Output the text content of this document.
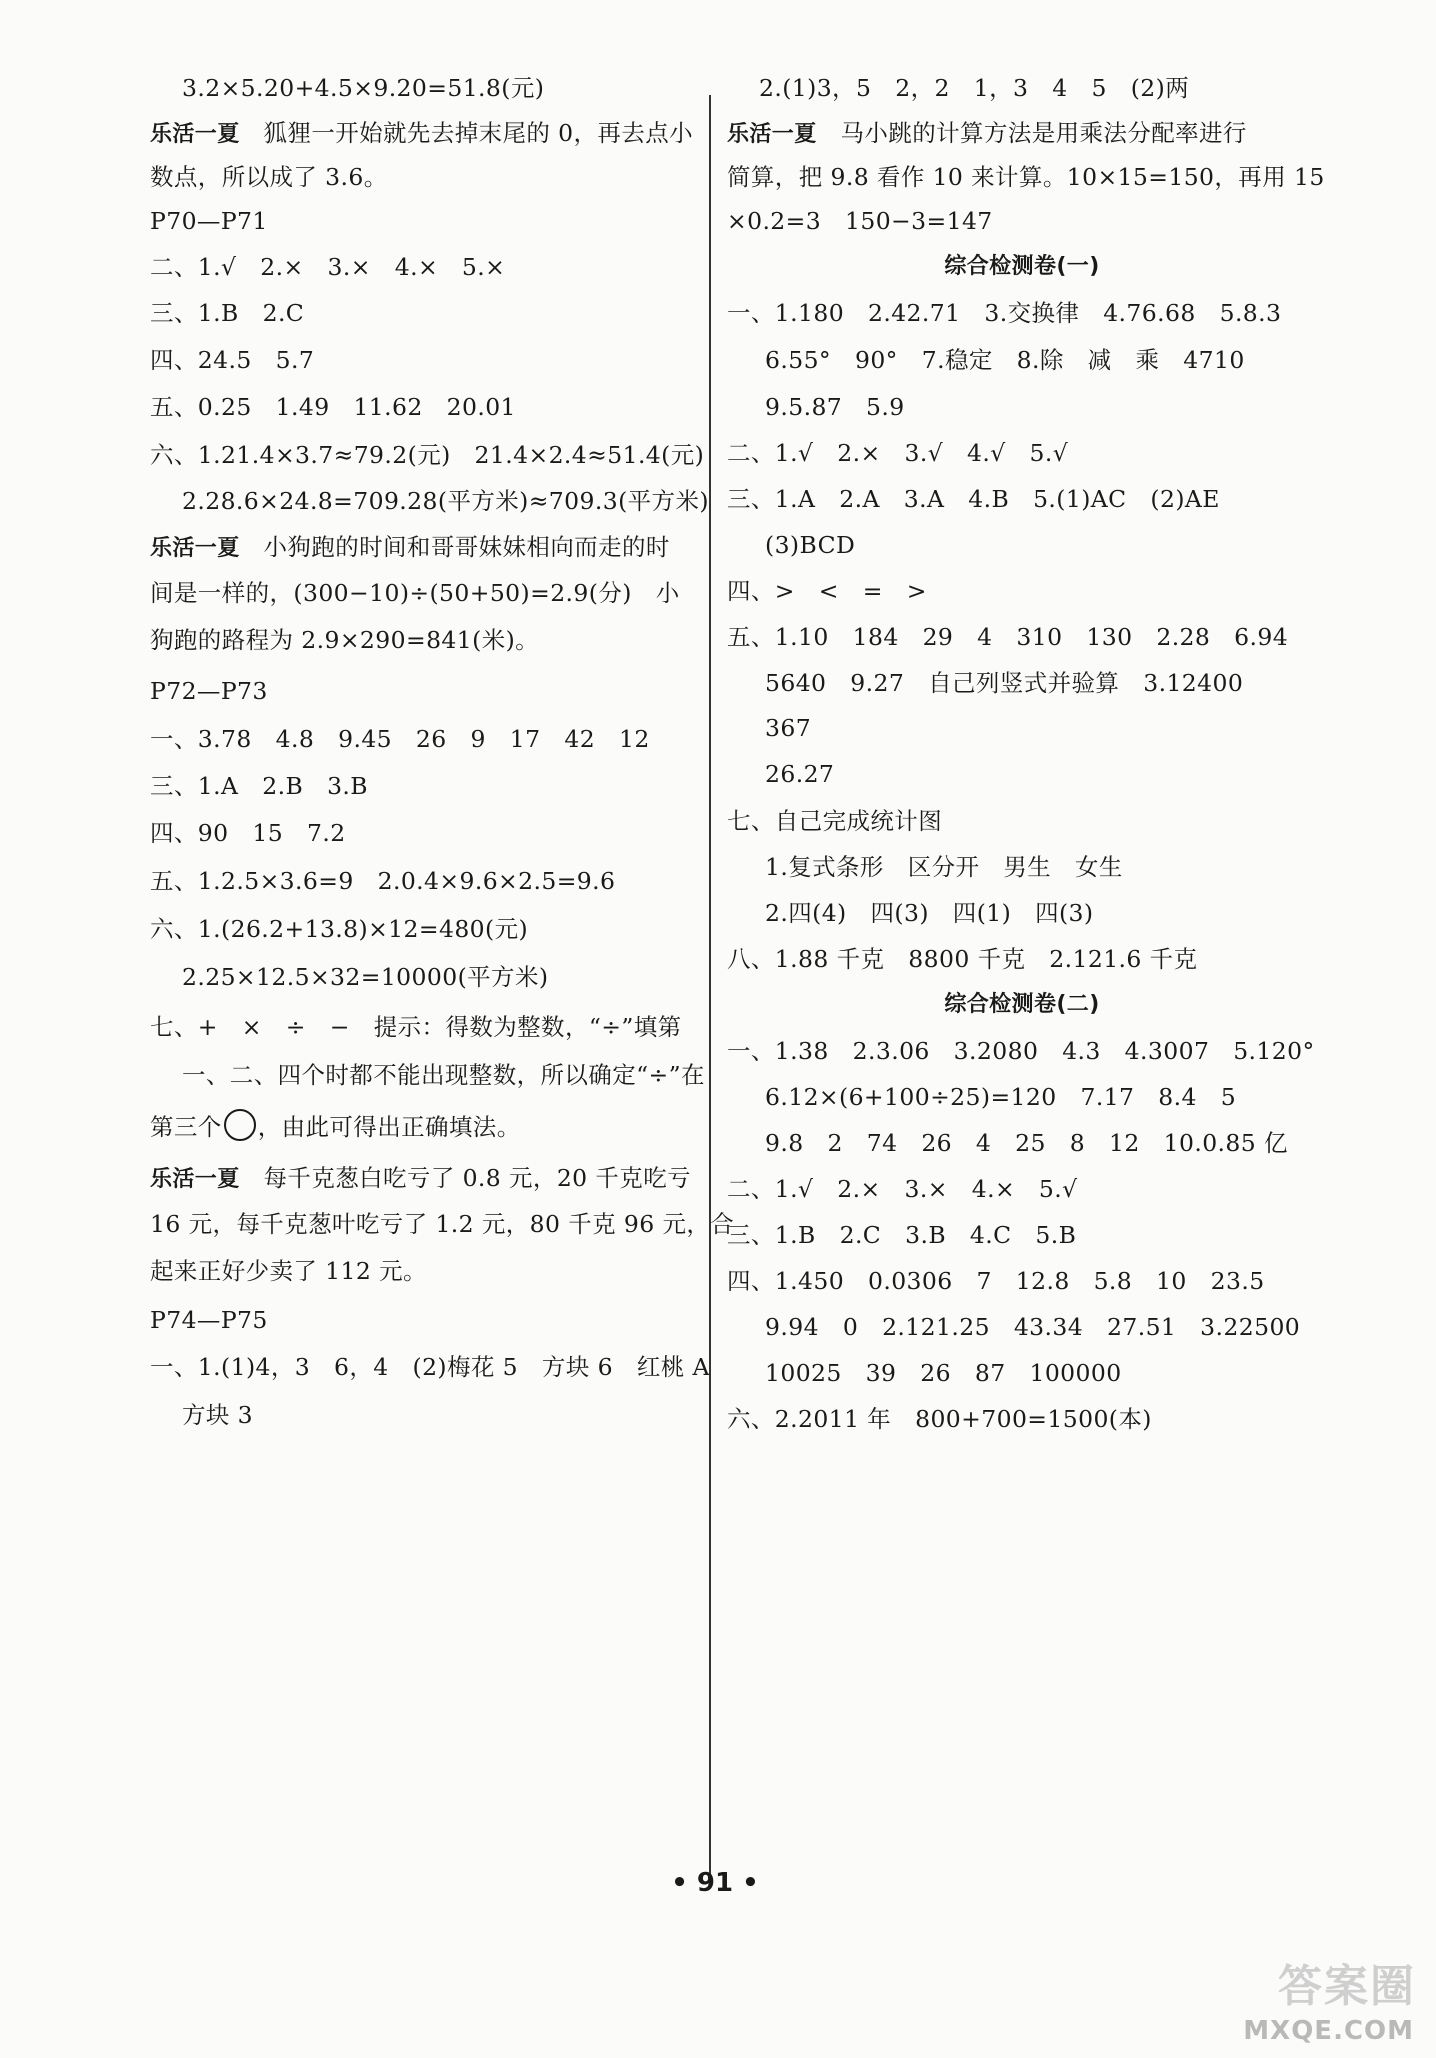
3.2×5.20+4.5×9.20=51.8(元)
乐活一夏　 狐狸一开始就先去掉末尾的 0，再去点小
数点，所以成了 3.6。
P70—P71
二、1.√　2.×　3.×　4.×　5.×
三、1.B　2.C
四、24.5　5.7
五、0.25　1.49　11.62　20.01
六、1.21.4×3.7≈79.2(元)　21.4×2.4≈51.4(元)
2.28.6×24.8=709.28(平方米)≈709.3(平方米)
乐活一夏　 小狗跑的时间和哥哥妹妹相向而走的时
间是一样的，(300−10)÷(50+50)=2.9(分)　小
狗跑的路程为 2.9×290=841(米)。
P72—P73
一、3.78　4.8　9.45　26　9　17　42　12
三、1.A　2.B　3.B
四、90　15　7.2
五、1.2.5×3.6=9　2.0.4×9.6×2.5=9.6
六、1.(26.2+13.8)×12=480(元)
2.25×12.5×32=10000(平方米)
七、+　×　÷　−　提示：得数为整数，“÷”填第
一、二、四个时都不能出现整数，所以确定“÷”在
第三个 ，由此可得出正确填法。
乐活一夏　 每千克葱白吃亏了 0.8 元，20 千克吃亏
16 元，每千克葱叶吃亏了 1.2 元，80 千克 96 元，合
起来正好少卖了 112 元。
P74—P75
一、1.(1)4，3　6，4　(2)梅花 5　方块 6　红桃 A
方块 3
2.(1)3，5　2，2　1，3　4　5　(2)两
乐活一夏　 马小跳的计算方法是用乘法分配率进行
简算，把 9.8 看作 10 来计算。10×15=150，再用 15
×0.2=3　150−3=147
综合检测卷(一)
一、1.180　2.42.71　3.交换律　4.76.68　5.8.3
6.55°　90°　7.稳定　8.除　减　乘　4710
9.5.87　5.9
二、1.√　2.×　3.√　4.√　5.√
三、1.A　2.A　3.A　4.B　5.(1)AC　(2)AE
(3)BCD
四、>　<　=　>
五、1.10　184　29　4　310　130　2.28　6.94
5640　9.27　自己列竖式并验算　3.12400
367
26.27
七、自己完成统计图
1.复式条形　区分开　男生　女生
2.四(4)　四(3)　四(1)　四(3)
八、1.88 千克　8800 千克　2.121.6 千克
综合检测卷(二)
一、1.38　2.3.06　3.2080　4.3　4.3007　5.120°
6.12×(6+100÷25)=120　7.17　8.4　5
9.8　2　74　26　4　25　8　12　10.0.85 亿
二、1.√　2.×　3.×　4.×　5.√
三、1.B　2.C　3.B　4.C　5.B
四、1.450　0.0306　7　12.8　5.8　10　23.5
9.94　0　2.121.25　43.34　27.51　3.22500
10025　39　26　87　100000
六、2.2011 年　800+700=1500(本)
• 91 •
答案圈
MXQE.COM
